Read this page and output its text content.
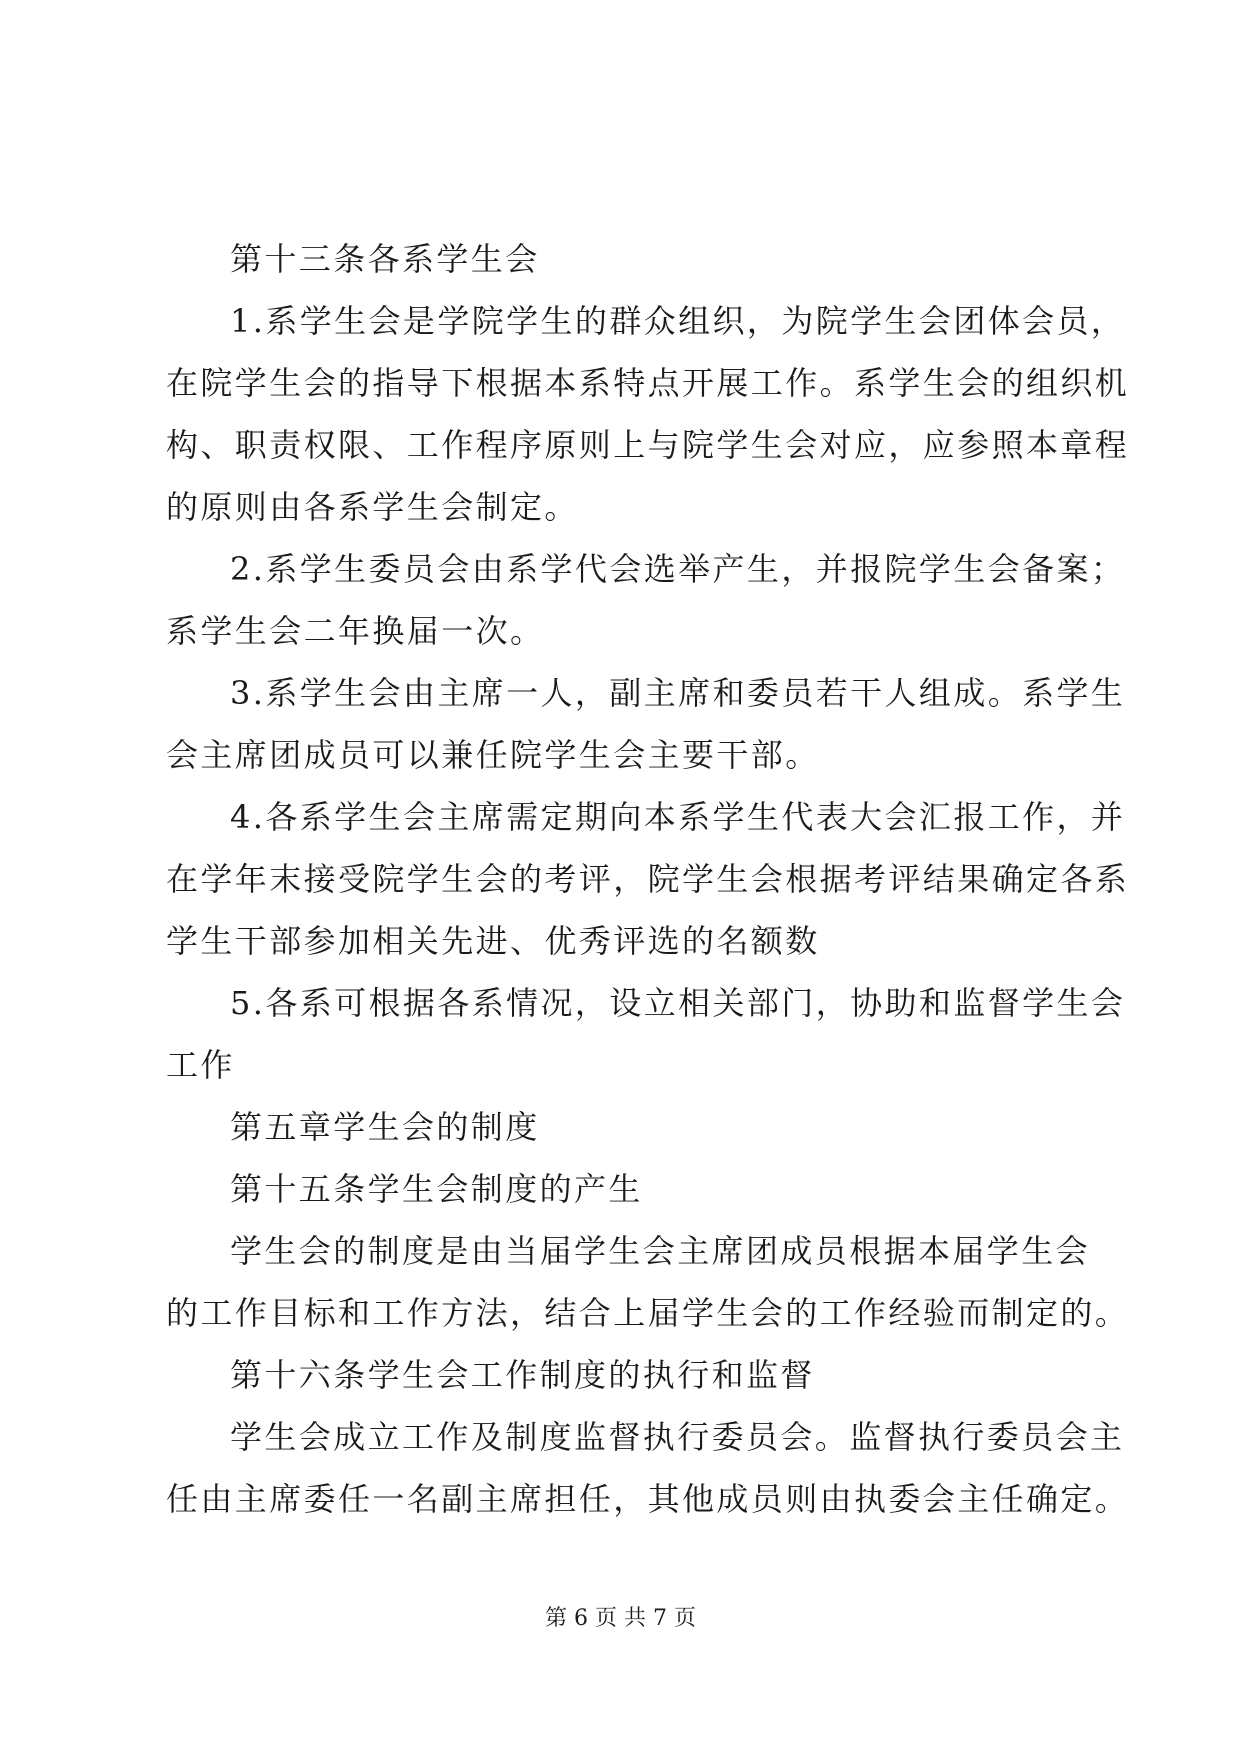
第十三条各系学生会
1.系学生会是学院学生的群众组织，为院学生会团体会员，
在院学生会的指导下根据本系特点开展工作。系学生会的组织机
构、职责权限、工作程序原则上与院学生会对应，应参照本章程
的原则由各系学生会制定。
2.系学生委员会由系学代会选举产生，并报院学生会备案；
系学生会二年换届一次。
3.系学生会由主席一人，副主席和委员若干人组成。系学生
会主席团成员可以兼任院学生会主要干部。
4.各系学生会主席需定期向本系学生代表大会汇报工作，并
在学年末接受院学生会的考评，院学生会根据考评结果确定各系
学生干部参加相关先进、优秀评选的名额数
5.各系可根据各系情况，设立相关部门，协助和监督学生会
工作
第五章学生会的制度
第十五条学生会制度的产生
学生会的制度是由当届学生会主席团成员根据本届学生会
的工作目标和工作方法，结合上届学生会的工作经验而制定的。
第十六条学生会工作制度的执行和监督
学生会成立工作及制度监督执行委员会。监督执行委员会主
任由主席委任一名副主席担任，其他成员则由执委会主任确定。
第 6 页 共 7 页
